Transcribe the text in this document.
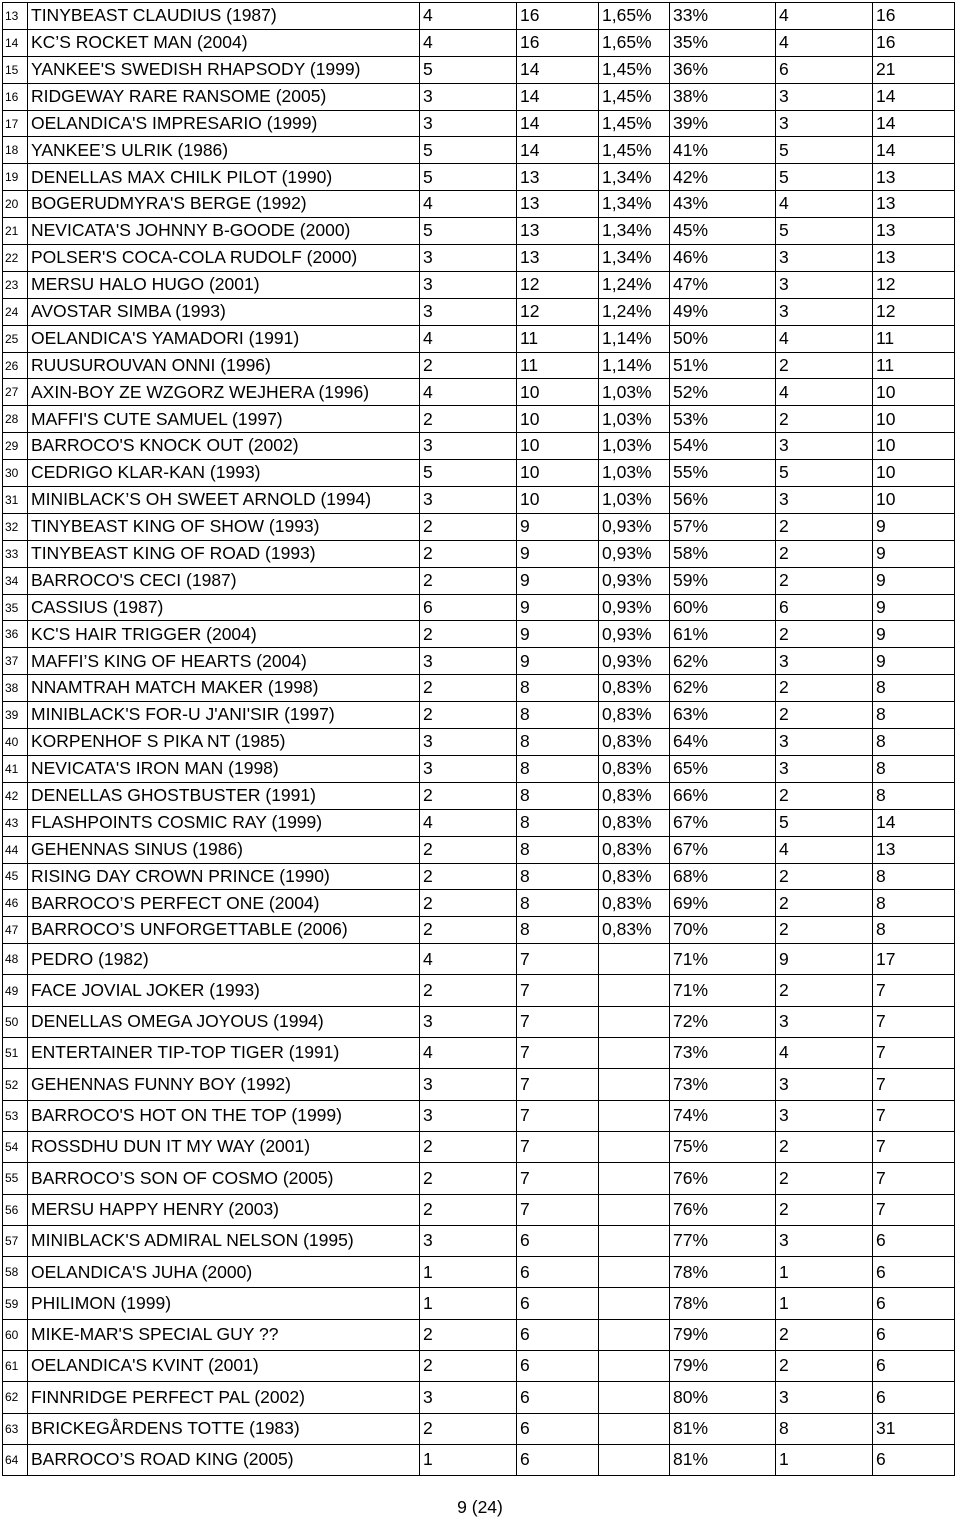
13	TINYBEAST CLAUDIUS (1987)	4	16	1,65%	33%	4	16
14	KC’S ROCKET MAN (2004)	4	16	1,65%	35%	4	16
15	YANKEE'S SWEDISH RHAPSODY (1999)	5	14	1,45%	36%	6	21
16	RIDGEWAY RARE RANSOME (2005)	3	14	1,45%	38%	3	14
17	OELANDICA'S IMPRESARIO (1999)	3	14	1,45%	39%	3	14
18	YANKEE’S ULRIK (1986)	5	14	1,45%	41%	5	14
19	DENELLAS MAX CHILK PILOT (1990)	5	13	1,34%	42%	5	13
20	BOGERUDMYRA'S BERGE (1992)	4	13	1,34%	43%	4	13
21	NEVICATA'S JOHNNY B-GOODE (2000)	5	13	1,34%	45%	5	13
22	POLSER'S COCA-COLA RUDOLF (2000)	3	13	1,34%	46%	3	13
23	MERSU HALO HUGO (2001)	3	12	1,24%	47%	3	12
24	AVOSTAR SIMBA (1993)	3	12	1,24%	49%	3	12
25	OELANDICA'S YAMADORI (1991)	4	11	1,14%	50%	4	11
26	RUUSUROUVAN ONNI (1996)	2	11	1,14%	51%	2	11
27	AXIN-BOY ZE WZGORZ WEJHERA (1996)	4	10	1,03%	52%	4	10
28	MAFFI'S CUTE SAMUEL (1997)	2	10	1,03%	53%	2	10
29	BARROCO'S KNOCK OUT (2002)	3	10	1,03%	54%	3	10
30	CEDRIGO KLAR-KAN (1993)	5	10	1,03%	55%	5	10
31	MINIBLACK’S OH SWEET ARNOLD (1994)	3	10	1,03%	56%	3	10
32	TINYBEAST KING OF SHOW (1993)	2	9	0,93%	57%	2	9
33	TINYBEAST KING OF ROAD (1993)	2	9	0,93%	58%	2	9
34	BARROCO'S CECI (1987)	2	9	0,93%	59%	2	9
35	CASSIUS (1987)	6	9	0,93%	60%	6	9
36	KC'S HAIR TRIGGER (2004)	2	9	0,93%	61%	2	9
37	MAFFI’S KING OF HEARTS (2004)	3	9	0,93%	62%	3	9
38	NNAMTRAH MATCH MAKER (1998)	2	8	0,83%	62%	2	8
39	MINIBLACK'S FOR-U J'ANI'SIR (1997)	2	8	0,83%	63%	2	8
40	KORPENHOF S PIKA NT (1985)	3	8	0,83%	64%	3	8
41	NEVICATA'S IRON MAN (1998)	3	8	0,83%	65%	3	8
42	DENELLAS GHOSTBUSTER (1991)	2	8	0,83%	66%	2	8
43	FLASHPOINTS COSMIC RAY (1999)	4	8	0,83%	67%	5	14
44	GEHENNAS SINUS (1986)	2	8	0,83%	67%	4	13
45	RISING DAY CROWN PRINCE (1990)	2	8	0,83%	68%	2	8
46	BARROCO’S PERFECT ONE (2004)	2	8	0,83%	69%	2	8
47	BARROCO’S UNFORGETTABLE (2006)	2	8	0,83%	70%	2	8
48	PEDRO (1982)	4	7		71%	9	17
49	FACE JOVIAL JOKER (1993)	2	7		71%	2	7
50	DENELLAS OMEGA JOYOUS (1994)	3	7		72%	3	7
51	ENTERTAINER TIP-TOP TIGER (1991)	4	7		73%	4	7
52	GEHENNAS FUNNY BOY (1992)	3	7		73%	3	7
53	BARROCO'S HOT ON THE TOP (1999)	3	7		74%	3	7
54	ROSSDHU DUN IT MY WAY (2001)	2	7		75%	2	7
55	BARROCO’S SON OF COSMO (2005)	2	7		76%	2	7
56	MERSU HAPPY HENRY (2003)	2	7		76%	2	7
57	MINIBLACK'S ADMIRAL NELSON (1995)	3	6		77%	3	6
58	OELANDICA'S JUHA (2000)	1	6		78%	1	6
59	PHILIMON (1999)	1	6		78%	1	6
60	MIKE-MAR'S SPECIAL GUY ??	2	6		79%	2	6
61	OELANDICA'S KVINT (2001)	2	6		79%	2	6
62	FINNRIDGE PERFECT PAL (2002)	3	6		80%	3	6
63	BRICKEGÅRDENS TOTTE (1983)	2	6		81%	8	31
64	BARROCO’S ROAD KING (2005)	1	6		81%	1	6
9 (24)
